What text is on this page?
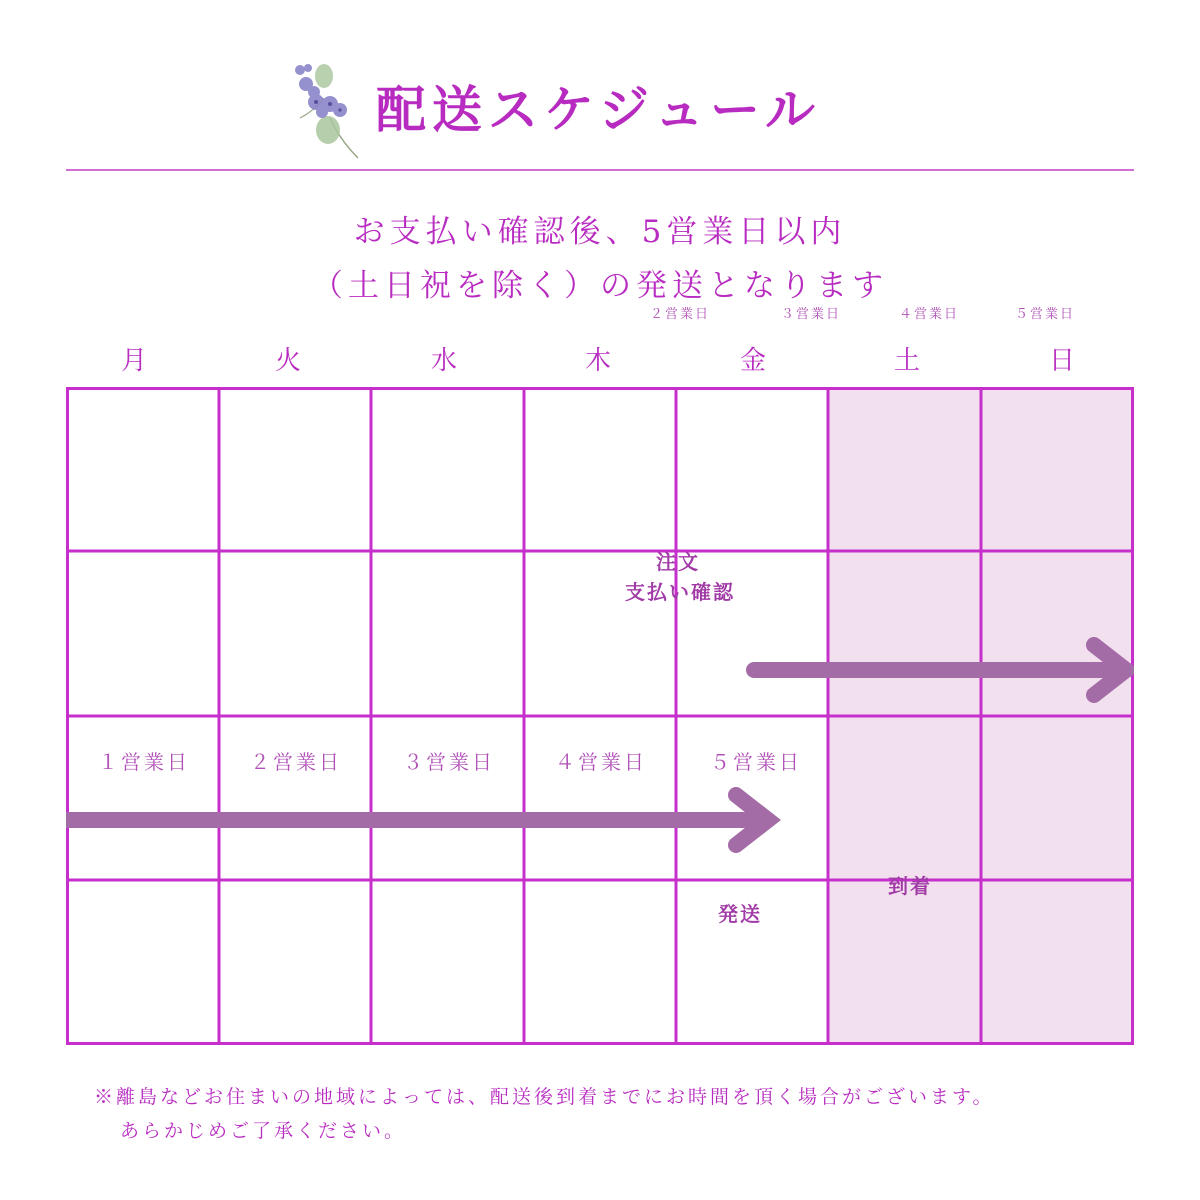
配送スケジュール
お支払い確認後、5営業日以内
（土日祝を除く）の発送となります
２営業日	３営業日	４営業日	５営業日
月	火	水	木	金	土	日
注文
支払い確認
１営業日	２営業日	３営業日	４営業日	５営業日
発送
到着
※離島などお住まいの地域によっては、配送後到着までにお時間を頂く場合がございます。
あらかじめご了承ください。
